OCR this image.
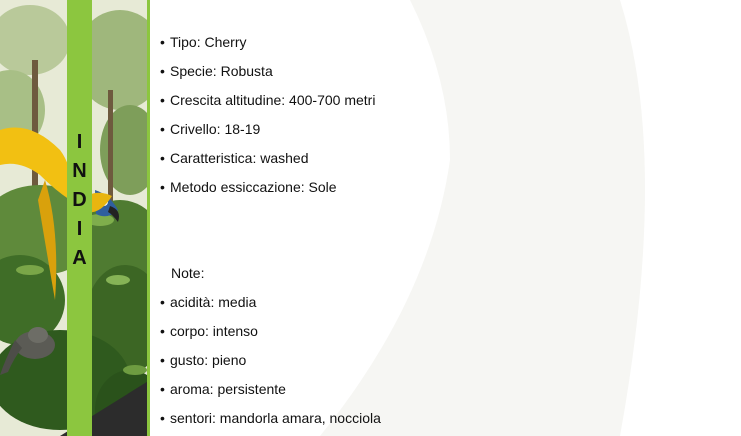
I
N
D
I
A
• Tipo: Cherry
• Specie: Robusta
• Crescita altitudine: 400-700 metri
• Crivello: 18-19
• Caratteristica: washed
• Metodo essiccazione: Sole
Note:
• acidità: media
• corpo: intenso
• gusto: pieno
• aroma: persistente
• sentori: mandorla amara, nocciola
